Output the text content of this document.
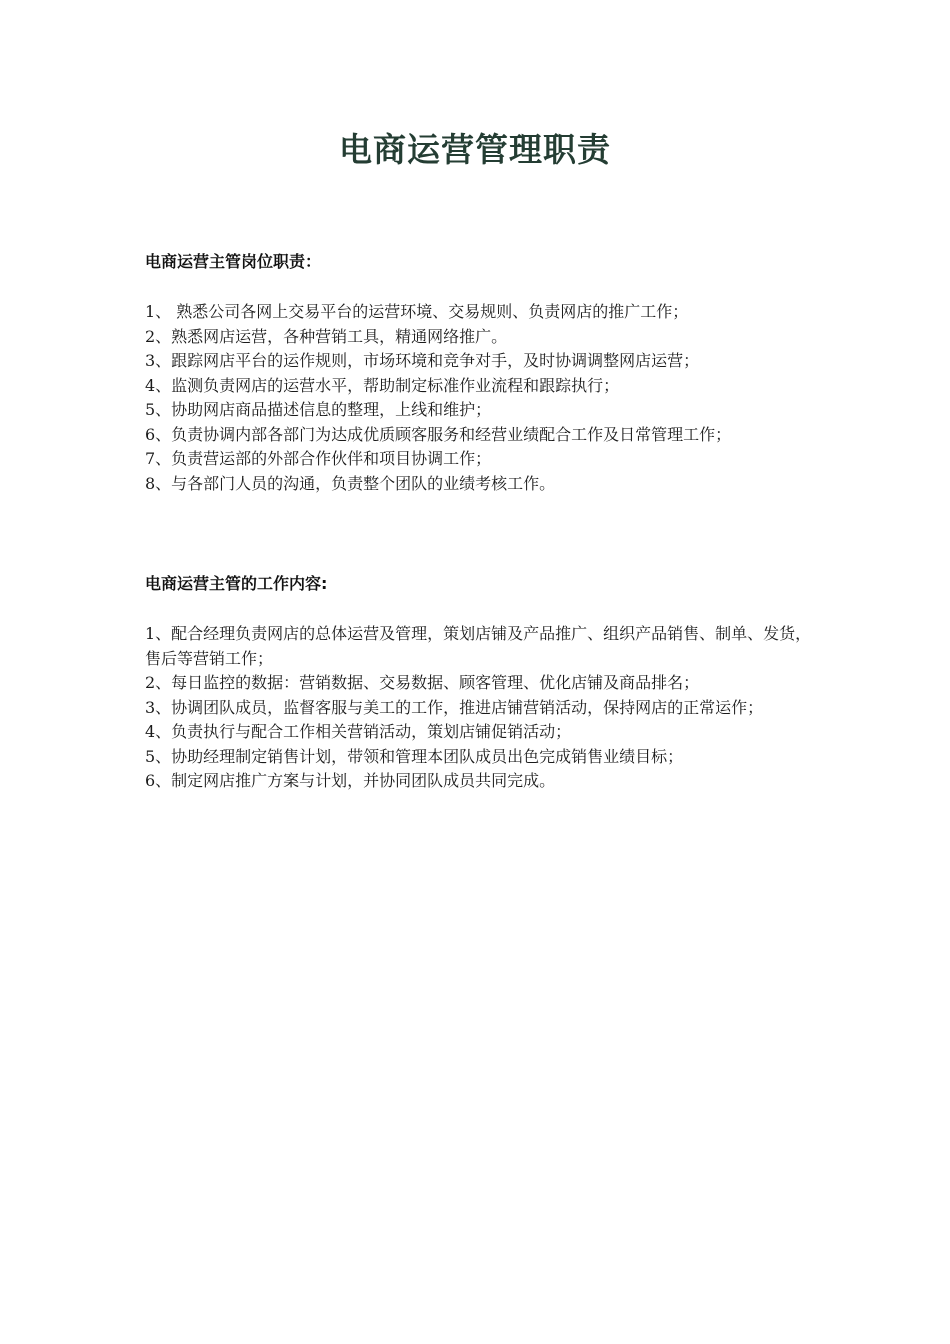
电商运营管理职责
电商运营主管岗位职责：
1、 熟悉公司各网上交易平台的运营环境、交易规则、负责网店的推广工作；
2、熟悉网店运营，各种营销工具，精通网络推广。
3、跟踪网店平台的运作规则，市场环境和竞争对手，及时协调调整网店运营；
4、监测负责网店的运营水平，帮助制定标准作业流程和跟踪执行；
5、协助网店商品描述信息的整理，上线和维护；
6、负责协调内部各部门为达成优质顾客服务和经营业绩配合工作及日常管理工作；
7、负责营运部的外部合作伙伴和项目协调工作；
8、与各部门人员的沟通，负责整个团队的业绩考核工作。
电商运营主管的工作内容:
1、配合经理负责网店的总体运营及管理，策划店铺及产品推广、组织产品销售、制单、发货，售后等营销工作；
2、每日监控的数据：营销数据、交易数据、顾客管理、优化店铺及商品排名；
3、协调团队成员，监督客服与美工的工作，推进店铺营销活动，保持网店的正常运作；
4、负责执行与配合工作相关营销活动，策划店铺促销活动；
5、协助经理制定销售计划，带领和管理本团队成员出色完成销售业绩目标；
6、制定网店推广方案与计划，并协同团队成员共同完成。
